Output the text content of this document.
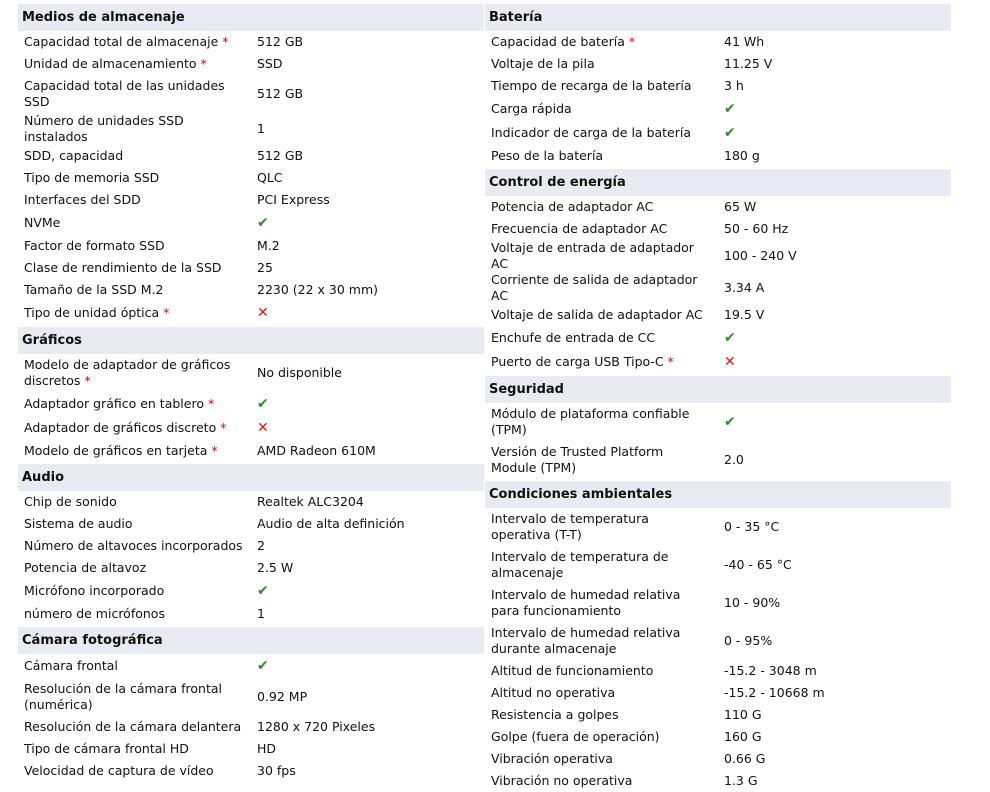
Medios de almacenaje
Capacidad total de almacenaje *	512 GB
Unidad de almacenamiento *	SSD
Capacidad total de las unidades SSD	512 GB
Número de unidades SSD instalados	1
SDD, capacidad	512 GB
Tipo de memoria SSD	QLC
Interfaces del SDD	PCI Express
NVMe	✔
Factor de formato SSD	M.2
Clase de rendimiento de la SSD	25
Tamaño de la SSD M.2	2230 (22 x 30 mm)
Tipo de unidad óptica *	✕
Gráficos
Modelo de adaptador de gráficos discretos *	No disponible
Adaptador gráfico en tablero *	✔
Adaptador de gráficos discreto *	✕
Modelo de gráficos en tarjeta *	AMD Radeon 610M
Audio
Chip de sonido	Realtek ALC3204
Sistema de audio	Audio de alta definición
Número de altavoces incorporados	2
Potencia de altavoz	2.5 W
Micrófono incorporado	✔
número de micrófonos	1
Cámara fotográfica
Cámara frontal	✔
Resolución de la cámara frontal (numérica)	0.92 MP
Resolución de la cámara delantera	1280 x 720 Pixeles
Tipo de cámara frontal HD	HD
Velocidad de captura de vídeo	30 fps
Batería
Capacidad de batería *	41 Wh
Voltaje de la pila	11.25 V
Tiempo de recarga de la batería	3 h
Carga rápida	✔
Indicador de carga de la batería	✔
Peso de la batería	180 g
Control de energía
Potencia de adaptador AC	65 W
Frecuencia de adaptador AC	50 - 60 Hz
Voltaje de entrada de adaptador AC	100 - 240 V
Corriente de salida de adaptador AC	3.34 A
Voltaje de salida de adaptador AC	19.5 V
Enchufe de entrada de CC	✔
Puerto de carga USB Tipo-C *	✕
Seguridad
Módulo de plataforma confiable (TPM)	✔
Versión de Trusted Platform Module (TPM)	2.0
Condiciones ambientales
Intervalo de temperatura operativa (T-T)	0 - 35 °C
Intervalo de temperatura de almacenaje	-40 - 65 °C
Intervalo de humedad relativa para funcionamiento	10 - 90%
Intervalo de humedad relativa durante almacenaje	0 - 95%
Altitud de funcionamiento	-15.2 - 3048 m
Altitud no operativa	-15.2 - 10668 m
Resistencia a golpes	110 G
Golpe (fuera de operación)	160 G
Vibración operativa	0.66 G
Vibración no operativa	1.3 G
